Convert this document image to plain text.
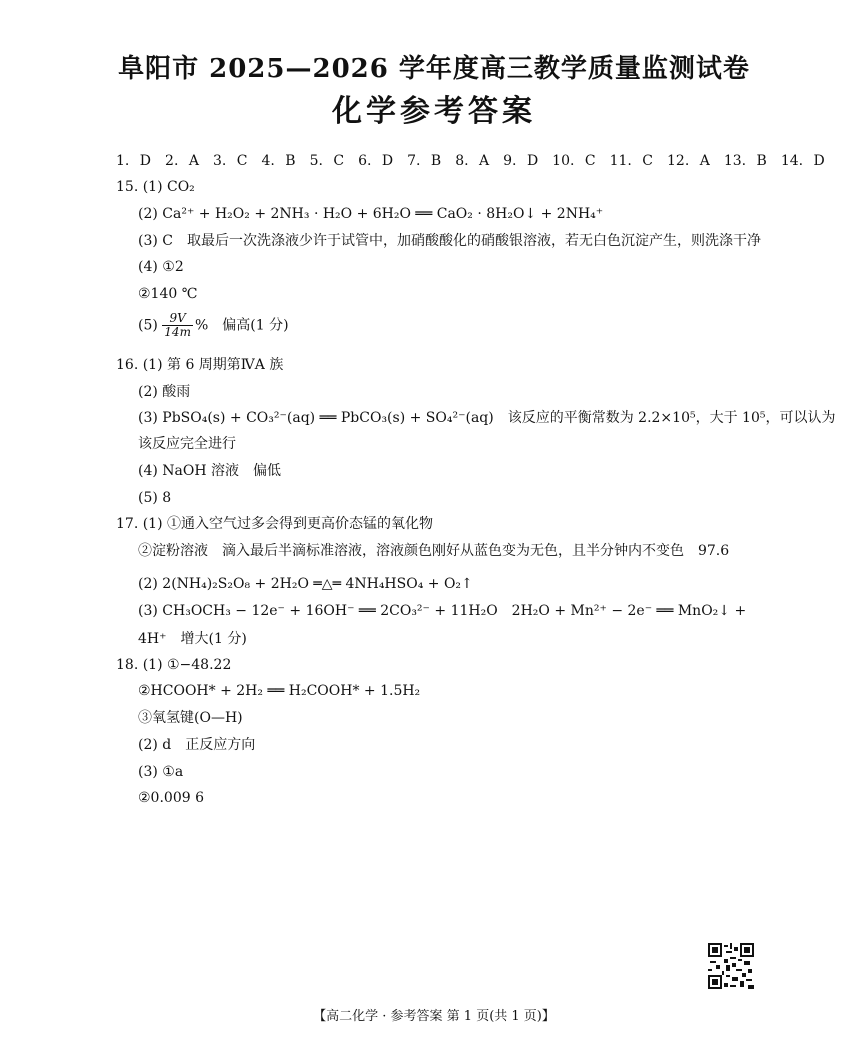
阜阳市 2025—2026 学年度高三教学质量监测试卷
化学参考答案
1. D　2. A　3. C　4. B　5. C　6. D　7. B　8. A　9. D　10. C　11. C　12. A　13. B　14. D
15. (1) CO₂
(2) Ca²⁺ + H₂O₂ + 2NH₃ · H₂O + 6H₂O ══ CaO₂ · 8H₂O↓ + 2NH₄⁺
(3) C　取最后一次洗涤液少许于试管中，加硝酸酸化的硝酸银溶液，若无白色沉淀产生，则洗涤干净
(4) ①2
②140 ℃
$(5) \frac{9V}{14m}$ %　偏高(1 分)
16. (1) 第 6 周期第ⅣA 族
(2) 酸雨
(3) PbSO₄(s) + CO₃²⁻(aq) ══ PbCO₃(s) + SO₄²⁻(aq)　该反应的平衡常数为 2.2×10⁵，大于 10⁵，可以认为
该反应完全进行
(4) NaOH 溶液　偏低
(5) 8
17. (1) ①通入空气过多会得到更高价态锰的氧化物
②淀粉溶液　滴入最后半滴标准溶液，溶液颜色刚好从蓝色变为无色，且半分钟内不变色　97.6
(2) 2(NH₄)₂S₂O₈ + 2H₂O ═△═ 4NH₄HSO₄ + O₂↑
(3) CH₃OCH₃ − 12e⁻ + 16OH⁻ ══ 2CO₃²⁻ + 11H₂O　2H₂O + Mn²⁺ − 2e⁻ ══ MnO₂↓ +
4H⁺　增大(1 分)
18. (1) ①−48.22
②HCOOH* + 2H₂ ══ H₂COOH* + 1.5H₂
③氧氢键(O—H)
(2) d　正反应方向
(3) ①a
②0.009 6
【高二化学 · 参考答案 第 1 页(共 1 页)】
